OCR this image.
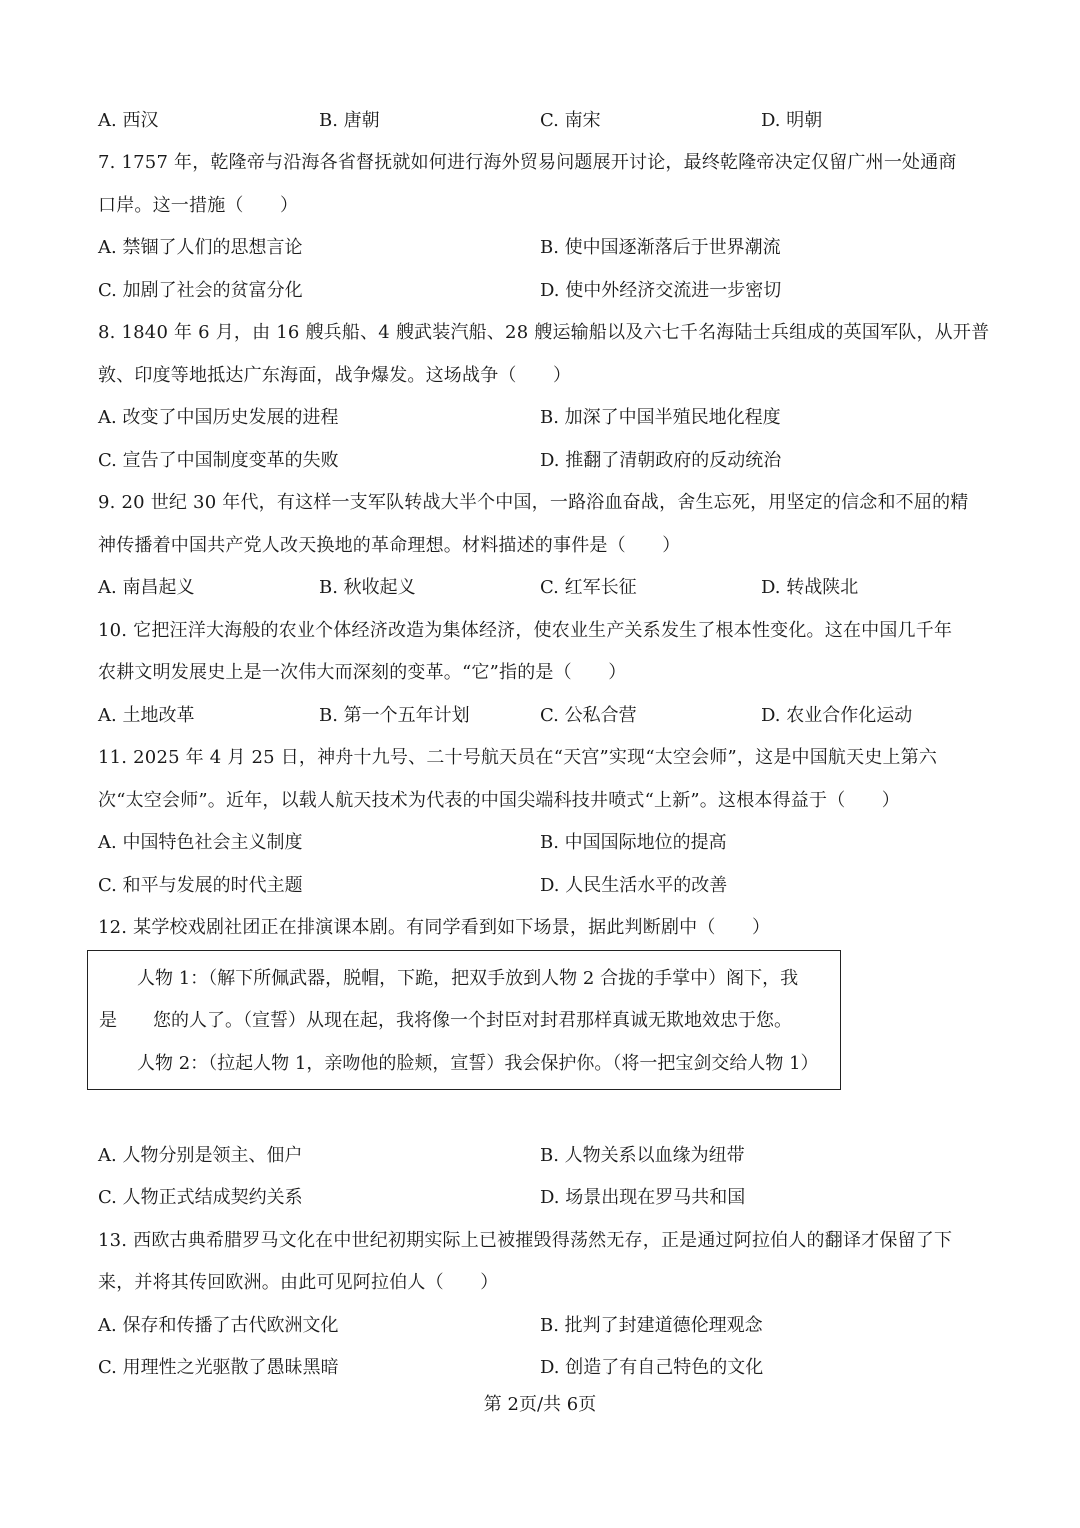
A. 西汉	B. 唐朝	C. 南宋	D. 明朝
7. 1757 年，乾隆帝与沿海各省督抚就如何进行海外贸易问题展开讨论，最终乾隆帝决定仅留广州一处通商
口岸。这一措施（　　）
A. 禁锢了人们的思想言论	B. 使中国逐渐落后于世界潮流
C. 加剧了社会的贫富分化	D. 使中外经济交流进一步密切
8. 1840 年 6 月，由 16 艘兵船、4 艘武装汽船、28 艘运输船以及六七千名海陆士兵组成的英国军队，从开普
敦、印度等地抵达广东海面，战争爆发。这场战争（　　）
A. 改变了中国历史发展的进程	B. 加深了中国半殖民地化程度
C. 宣告了中国制度变革的失败	D. 推翻了清朝政府的反动统治
9. 20 世纪 30 年代，有这样一支军队转战大半个中国，一路浴血奋战，舍生忘死，用坚定的信念和不屈的精
神传播着中国共产党人改天换地的革命理想。材料描述的事件是（　　）
A. 南昌起义	B. 秋收起义	C. 红军长征	D. 转战陕北
10. 它把汪洋大海般的农业个体经济改造为集体经济，使农业生产关系发生了根本性变化。这在中国几千年
农耕文明发展史上是一次伟大而深刻的变革。“它”指的是（　　）
A. 土地改革	B. 第一个五年计划	C. 公私合营	D. 农业合作化运动
11. 2025 年 4 月 25 日，神舟十九号、二十号航天员在“天宫”实现“太空会师”，这是中国航天史上第六
次“太空会师”。近年，以载人航天技术为代表的中国尖端科技井喷式“上新”。这根本得益于（　　）
A. 中国特色社会主义制度	B. 中国国际地位的提高
C. 和平与发展的时代主题	D. 人民生活水平的改善
12. 某学校戏剧社团正在排演课本剧。有同学看到如下场景，据此判断剧中（　　）
人物 1：（解下所佩武器，脱帽，下跪，把双手放到人物 2 合拢的手掌中）阁下，我
是　　您的人了。（宣誓）从现在起，我将像一个封臣对封君那样真诚无欺地效忠于您。
人物 2：（拉起人物 1，亲吻他的脸颊，宣誓）我会保护你。（将一把宝剑交给人物 1）
A. 人物分别是领主、佃户	B. 人物关系以血缘为纽带
C. 人物正式结成契约关系	D. 场景出现在罗马共和国
13. 西欧古典希腊罗马文化在中世纪初期实际上已被摧毁得荡然无存，正是通过阿拉伯人的翻译才保留了下
来，并将其传回欧洲。由此可见阿拉伯人（　　）
A. 保存和传播了古代欧洲文化	B. 批判了封建道德伦理观念
C. 用理性之光驱散了愚昧黑暗	D. 创造了有自己特色的文化
第 2页/共 6页
